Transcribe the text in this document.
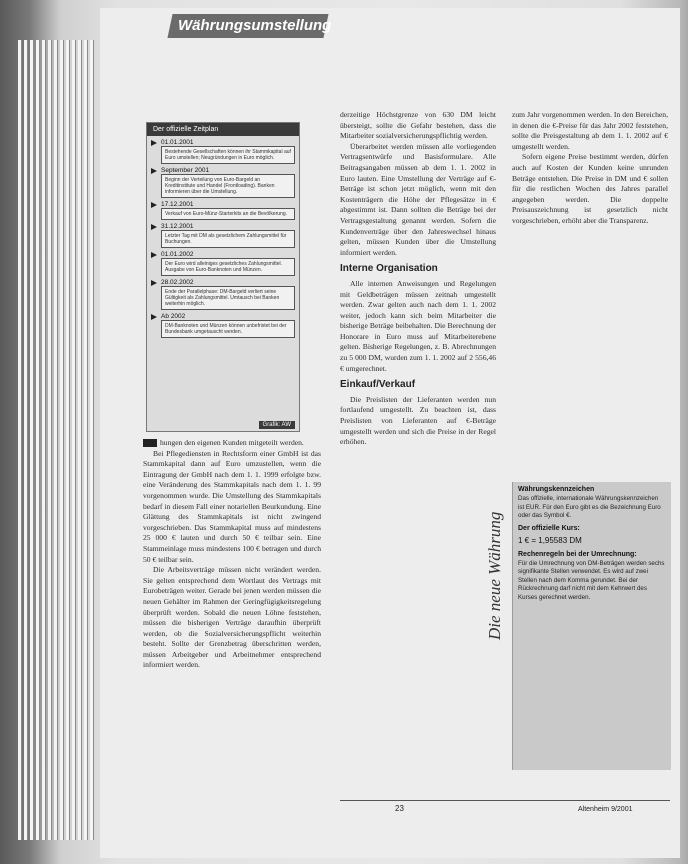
Währungsumstellung
Der offizielle Zeitplan
01.01.2001
Bestehende Gesellschaften können ihr Stammkapital auf Euro umstellen; Neugründungen in Euro möglich.
September 2001
Beginn der Verteilung von Euro-Bargeld an Kreditinstitute und Handel (Frontloading). Banken informieren über die Umstellung.
17.12.2001
Verkauf von Euro-Münz-Starterkits an die Bevölkerung.
31.12.2001
Letzter Tag mit DM als gesetzlichem Zahlungsmittel für Buchungen.
01.01.2002
Der Euro wird alleiniges gesetzliches Zahlungsmittel. Ausgabe von Euro-Banknoten und Münzen.
28.02.2002
Ende der Parallelphase: DM-Bargeld verliert seine Gültigkeit als Zahlungsmittel. Umtausch bei Banken weiterhin möglich.
Ab 2002
DM-Banknoten und Münzen können unbefristet bei der Bundesbank umgetauscht werden.
Grafik: AW

hungen den eigenen Kunden mitgeteilt werden.

Bei Pflegediensten in Rechtsform einer GmbH ist das Stammkapital dann auf Euro umzustellen, wenn die Eintragung der GmbH nach dem 1. 1. 1999 erfolgte bzw. eine Veränderung des Stammkapitals nach dem 1. 1. 99 vorgenommen wurde. Die Umstellung des Stammkapitals bedarf in diesem Fall einer notariellen Beurkundung. Eine Glättung des Stammkapitals ist nicht zwingend vorgeschrieben. Das Stammkapital muss auf mindestens 25 000 € lauten und durch 50 € teilbar sein. Eine Stammeinlage muss mindestens 100 € betragen und durch 50 € teilbar sein.

Die Arbeitsverträge müssen nicht verändert werden. Sie gelten entsprechend dem Wortlaut des Vertrags mit Eurobeträgen weiter. Gerade bei jenen werden müssen die neuen Gehälter im Rahmen der Geringfügigkeitsregelung überprüft werden. Sobald die neuen Löhne feststehen, müssen die bisherigen Verträge daraufhin überprüft werden, ob die Sozialversicherungspflicht weiterhin besteht. Sollte der Grenzbetrag überschritten werden, müssen Arbeitgeber und Arbeitnehmer entsprechend informiert werden.

derzeitige Höchstgrenze von 630 DM leicht übersteigt, sollte die Gefahr bestehen, dass die Mitarbeiter sozialversicherungspflichtig werden.

Überarbeitet werden müssen alle vorliegenden Vertragsentwürfe und Basisformulare. Alle Beitragsangaben müssen ab dem 1. 1. 2002 in Euro lauten. Eine Umstellung der Verträge auf €-Beträge ist schon jetzt möglich, wenn mit den Kostenträgern die Höhe der Pflegesätze in € abgestimmt ist. Dann sollten die Beträge bei der Vertragsgestaltung genannt werden. Sofern die Kundenverträge über den Jahreswechsel hinaus gelten, müssen Kunden über die Umstellung informiert werden.

Interne Organisation

Alle internen Anweisungen und Regelungen mit Geldbeträgen müssen zeitnah umgestellt werden. Zwar gelten auch nach dem 1. 1. 2002 weiter, jedoch kann sich beim Mitarbeiter die bisherige Beträge beibehalten. Die Berechnung der Honorare in Euro muss auf Mitarbeiterebene gelten. Bisherige Regelungen, z. B. Abrechnungen zu 5 000 DM, wurden zum 1. 1. 2002 auf 2 556,46 € umgerechnet.

Einkauf/Verkauf

Die Preislisten der Lieferanten werden nun fortlaufend umgestellt. Zu beachten ist, dass Preislisten von Lieferanten auf €-Beträge umgestellt werden und sich die Preise in der Regel erhöhen.

zum Jahr vorgenommen werden. In den Bereichen, in denen die €-Preise für das Jahr 2002 feststehen, sollte die Preisgestaltung ab dem 1. 1. 2002 auf € umgestellt werden.

Sofern eigene Preise bestimmt werden, dürfen auch auf Kosten der Kunden keine unrunden Beträge entstehen. Die Preise in DM und € sollen für die restlichen Wochen des Jahres parallel angegeben werden. Die doppelte Preisauszeichnung ist gesetzlich nicht vorgeschrieben, erhöht aber die Transparenz.

Die neue Währung
Währungskennzeichen
Das offizielle, internationale Währungskennzeichen ist EUR. Für den Euro gibt es die Bezeichnung Euro oder das Symbol €.
Der offizielle Kurs:
1 € = 1,95583 DM
Rechenregeln bei der Umrechnung:
Für die Umrechnung von DM-Beträgen werden sechs signifikante Stellen verwendet. Es wird auf zwei Stellen nach dem Komma gerundet. Bei der Rückrechnung darf nicht mit dem Kehrwert des Kurses gerechnet werden.
23	Altenheim 9/2001
